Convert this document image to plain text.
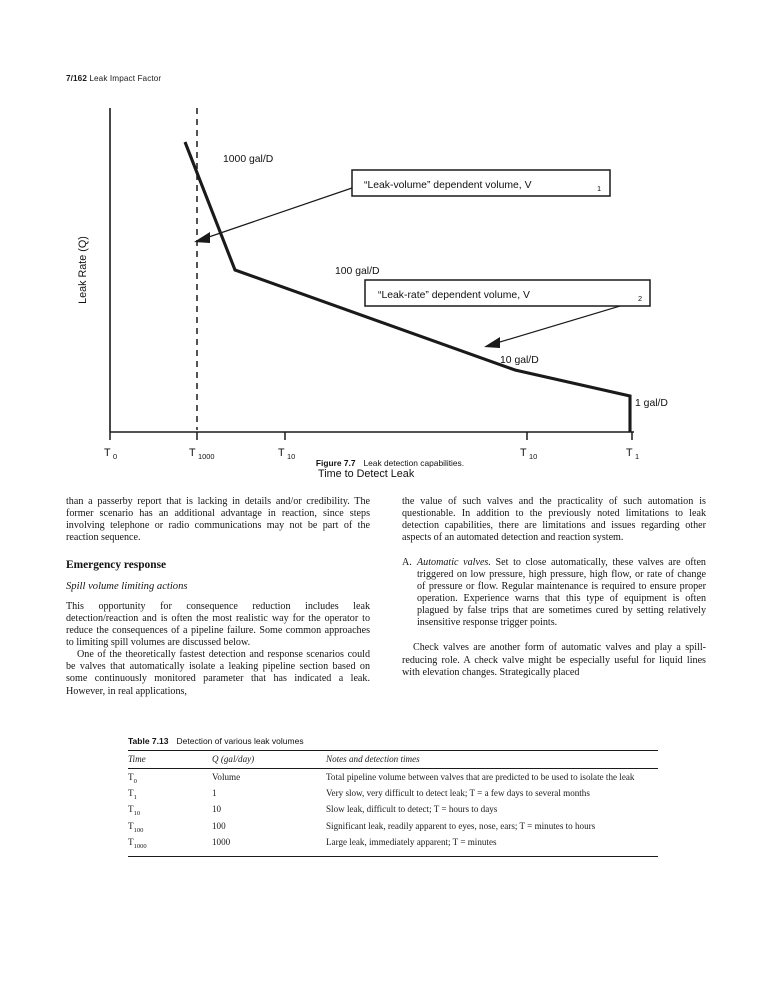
7/162 Leak Impact Factor
“Leak-volume” dependent volume, V	1
“Leak-rate” dependent volume, V	2
1000 gal/D
100 gal/D
10 gal/D
1 gal/D
T 0	T 1000	T 10	T 10	T 1
Time to Detect Leak
Leak Rate (Q)
Figure 7.7 Leak detection capabilities.

than a passerby report that is lacking in details and/or credibility. The former scenario has an additional advantage in reaction, since steps involving telephone or radio communications may not be part of the reaction sequence.

Emergency response
Spill volume limiting actions

This opportunity for consequence reduction includes leak detection/reaction and is often the most realistic way for the operator to reduce the consequences of a pipeline failure. Some common approaches to limiting spill volumes are discussed below.

One of the theoretically fastest detection and response scenarios could be valves that automatically isolate a leaking pipeline section based on some continuously monitored parameter that has indicated a leak. However, in real applications,

the value of such valves and the practicality of such automation is questionable. In addition to the previously noted limitations to leak detection capabilities, there are limitations and issues regarding other aspects of an automated detection and reaction system.

A. Automatic valves. Set to close automatically, these valves are often triggered on low pressure, high pressure, high flow, or rate of change of pressure or flow. Regular maintenance is required to ensure proper operation. Experience warns that this type of equipment is often plagued by false trips that are sometimes cured by setting relatively insensitive response trigger points.

Check valves are another form of automatic valves and play a spill-reducing role. A check valve might be especially useful for liquid lines with elevation changes. Strategically placed

Table 7.13 Detection of various leak volumes
Time	Q (gal/day)	Notes and detection times
$T_0$	Volume	Total pipeline volume between valves that are predicted to be used to isolate the leak
$T_1$	1	Very slow, very difficult to detect leak; T = a few days to several months
$T_{10}$	10	Slow leak, difficult to detect; T = hours to days
$T_{100}$	100	Significant leak, readily apparent to eyes, nose, ears; T = minutes to hours
$T_{1000}$	1000	Large leak, immediately apparent; T = minutes
